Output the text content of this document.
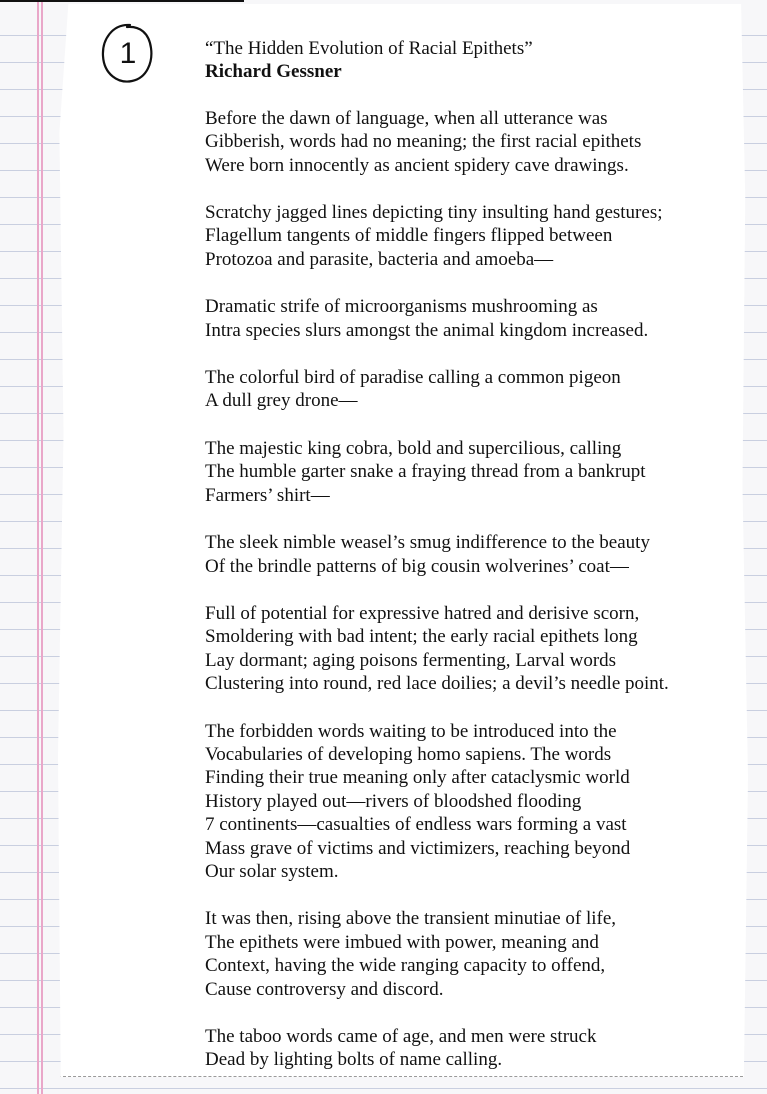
1	“The Hidden Evolution of Racial Epithets”
Richard Gessner
Before the dawn of language, when all utterance was
Gibberish, words had no meaning; the first racial epithets
Were born innocently as ancient spidery cave drawings.
Scratchy jagged lines depicting tiny insulting hand gestures;
Flagellum tangents of middle fingers flipped between
Protozoa and parasite, bacteria and amoeba—
Dramatic strife of microorganisms mushrooming as
Intra species slurs amongst the animal kingdom increased.
The colorful bird of paradise calling a common pigeon
A dull grey drone—
The majestic king cobra, bold and supercilious, calling
The humble garter snake a fraying thread from a bankrupt
Farmers’ shirt—
The sleek nimble weasel’s smug indifference to the beauty
Of the brindle patterns of big cousin wolverines’ coat—
Full of potential for expressive hatred and derisive scorn,
Smoldering with bad intent; the early racial epithets long
Lay dormant; aging poisons fermenting, Larval words
Clustering into round, red lace doilies; a devil’s needle point.
The forbidden words waiting to be introduced into the
Vocabularies of developing homo sapiens. The words
Finding their true meaning only after cataclysmic world
History played out—rivers of bloodshed flooding
7 continents—casualties of endless wars forming a vast
Mass grave of victims and victimizers, reaching beyond
Our solar system.
It was then, rising above the transient minutiae of life,
The epithets were imbued with power, meaning and
Context, having the wide ranging capacity to offend,
Cause controversy and discord.
The taboo words came of age, and men were struck
Dead by lighting bolts of name calling.
